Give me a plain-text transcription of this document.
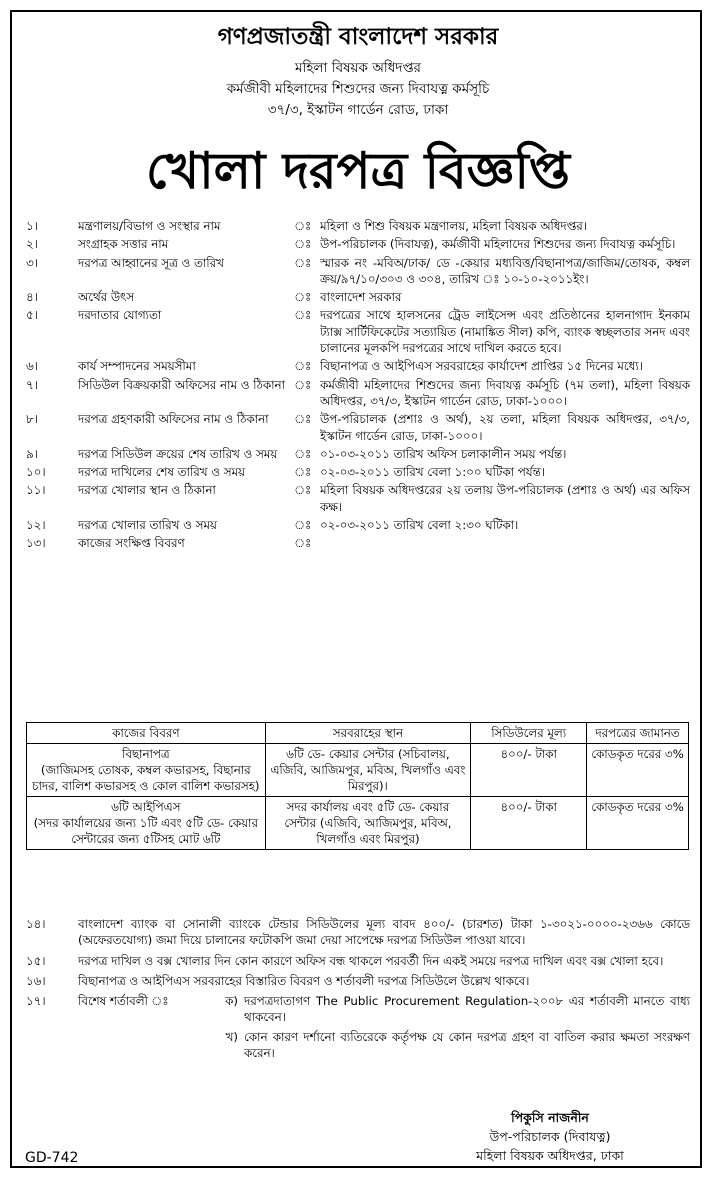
গণপ্রজাতন্ত্রী বাংলাদেশ সরকার
মহিলা বিষয়ক অধিদপ্তর
কর্মজীবী মহিলাদের শিশুদের জন্য দিবাযত্ন কর্মসূচি
৩৭/৩, ইস্কাটন গার্ডেন রোড, ঢাকা
খোলা দরপত্র বিজ্ঞপ্তি
১।	মন্ত্রণালয়/বিভাগ ও সংস্থার নাম	ঃ মহিলা ও শিশু বিষয়ক মন্ত্রণালয়, মহিলা বিষয়ক অধিদপ্তর।
২।	সংগ্রাহক সত্তার নাম	ঃ উপ-পরিচালক (দিবাযত্ন), কর্মজীবী মহিলাদের শিশুদের জন্য দিবাযত্ন কর্মসূচি।
৩।	দরপত্র আহ্বানের সূত্র ও তারিখ	ঃ স্মারক নং -মবিঅ/ঢাক/ ডে -কেয়ার মধ্যবিত্ত/বিছানাপত্র/জাজিম/তোষক, কম্বল ক্রয়/৯৭/১০/৩০৩ ও ৩০৪, তারিখ ঃ ১০-১০-২০১১ইং।
৪।	অর্থের উৎস	ঃ বাংলাদেশ সরকার
৫।	দরদাতার যোগ্যতা	ঃ দরপত্রের সাথে হালসনের ট্রেড লাইসেন্স এবং প্রতিষ্ঠানের হালনাগাদ ইনকাম ট্যাক্স সার্টিফিকেটের সত্যায়িত (নামাঙ্কিত সীল) কপি, ব্যাংক স্বচ্ছলতার সনদ এবং চালানের মূলকপি দরপত্রের সাথে দাখিল করতে হবে।
৬।	কার্য সম্পাদনের সময়সীমা	ঃ বিছানাপত্র ও আইপিএস সরবরাহের কার্যাদেশ প্রাপ্তির ১৫ দিনের মধ্যে।
৭।	সিডিউল বিক্রয়কারী অফিসের নাম ও ঠিকানা ঃ কর্মজীবী মহিলাদের শিশুদের জন্য দিবাযত্ন কর্মসূচি (৭ম তলা), মহিলা বিষয়ক অধিদপ্তর, ৩৭/৩, ইস্কাটন গার্ডেন রোড, ঢাকা-১০০০।
৮।	দরপত্র গ্রহণকারী অফিসের নাম ও ঠিকানা	ঃ উপ-পরিচালক (প্রশাঃ ও অর্থ), ২য় তলা, মহিলা বিষয়ক অধিদপ্তর, ৩৭/৩, ইস্কাটন গার্ডেন রোড, ঢাকা-১০০০।
৯।	দরপত্র সিডিউল ক্রয়ের শেষ তারিখ ও সময়	ঃ ০১-০৩-২০১১ তারিখ অফিস চলাকালীন সময় পর্যন্ত।
১০।	দরপত্র দাখিলের শেষ তারিখ ও সময়	ঃ ০২-০৩-২০১১ তারিখ বেলা ১:০০ ঘটিকা পর্যন্ত।
১১।	দরপত্র খোলার স্থান ও ঠিকানা	ঃ মহিলা বিষয়ক অধিদপ্তরের ২য় তলায় উপ-পরিচালক (প্রশাঃ ও অর্থ) এর অফিস কক্ষ।
১২।	দরপত্র খোলার তারিখ ও সময়	ঃ ০২-০৩-২০১১ তারিখ বেলা ২:৩০ ঘটিকা।
১৩।	কাজের সংক্ষিপ্ত বিবরণ	ঃ
কাজের বিবরণ	সরবরাহের স্থান	সিডিউলের মূল্য	দরপত্রের জামানত

বিছানাপত্র
(জাজিমসহ তোষক, কম্বল কভারসহ, বিছানার চাদর, বালিশ কভারসহ ও কোল বালিশ কভারসহ)	৬টি ডে- কেয়ার সেন্টার (সচিবালয়, এজিবি, আজিমপুর, মবিঅ, খিলগাঁও এবং মিরপুর)।	৪০০/- টাকা	কোডকৃত দরের ৩%

৬টি আইপিএস
(সদর কার্যালয়ের জন্য ১টি এবং ৫টি ডে- কেয়ার সেন্টারের জন্য ৫টিসহ মোট ৬টি	সদর কার্যালয় এবং ৫টি ডে- কেয়ার সেন্টার (এজিবি, আজিমপুর, মবিঅ, খিলগাঁও এবং মিরপুর)	৪০০/- টাকা	কোডকৃত দরের ৩%
১৪।	বাংলাদেশ ব্যাংক বা সোনালী ব্যাংকে টেন্ডার সিডিউলের মূল্য বাবদ ৪০০/- (চারশত) টাকা ১-৩০২১-০০০০-২৩৬৬ কোডে (অফেরতযোগ্য) জমা দিয়ে চালানের ফটোকপি জমা দেয়া সাপেক্ষে দরপত্র সিডিউল পাওয়া যাবে।
১৫।	দরপত্র দাখিল ও বক্স খোলার দিন কোন কারণে অফিস বন্ধ থাকলে পরবর্তী দিন একই সময়ে দরপত্র দাখিল এবং বক্স খোলা হবে।
১৬।	বিছানাপত্র ও আইপিএস সরবরাহের বিস্তারিত বিবরণ ও শর্তাবলী দরপত্র সিডিউলে উল্লেখ থাকবে।
১৭।	বিশেষ শর্তাবলী ঃ	ক) দরপত্রদাতাগণ The Public Procurement Regulation-২০০৮ এর শর্তাবলী মানতে বাধ্য থাকবেন।
খ) কোন কারণ দর্শানো ব্যতিরেকে কর্তৃপক্ষ যে কোন দরপত্র গ্রহণ বা বাতিল করার ক্ষমতা সংরক্ষণ করেন।
পিকুসি নাজনীন
উপ-পরিচালক (দিবাযত্ন)
মহিলা বিষয়ক অধিদপ্তর, ঢাকা
GD-742
